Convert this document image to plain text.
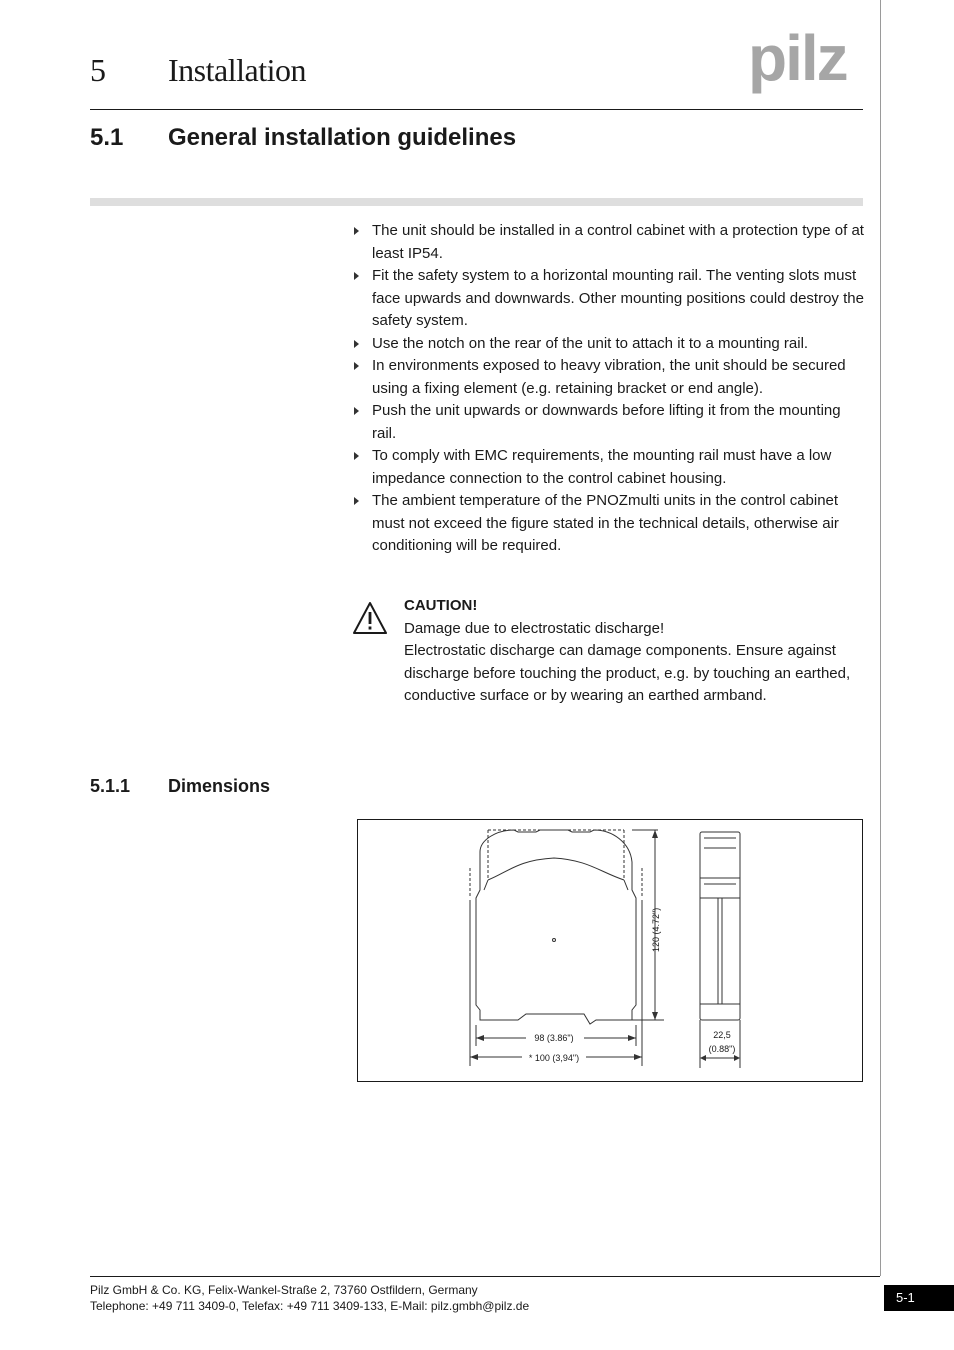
5 Installation	pilz
5.1 General installation guidelines
The unit should be installed in a control cabinet with a protection type of at least IP54.
Fit the safety system to a horizontal mounting rail. The venting slots must face upwards and downwards. Other mounting positions could destroy the safety system.
Use the notch on the rear of the unit to attach it to a mounting rail.
In environments exposed to heavy vibration, the unit should be secured using a fixing element (e.g. retaining bracket or end angle).
Push the unit upwards or downwards before lifting it from the mounting rail.
To comply with EMC requirements, the mounting rail must have a low impedance connection to the control cabinet housing.
The ambient temperature of the PNOZmulti units in the control cabinet must not exceed the figure stated in the technical details, otherwise air conditioning will be required.
CAUTION!
Damage due to electrostatic discharge!
Electrostatic discharge can damage components. Ensure against discharge before touching the product, e.g. by touching an earthed, conductive surface or by wearing an earthed armband.
5.1.1 Dimensions
120 (4.72")
98 (3.86")
* 100 (3,94")
22,5
(0.88")
Pilz GmbH & Co. KG, Felix-Wankel-Straße 2, 73760 Ostfildern, Germany
Telephone: +49 711 3409-0, Telefax: +49 711 3409-133, E-Mail: pilz.gmbh@pilz.de
5-1
